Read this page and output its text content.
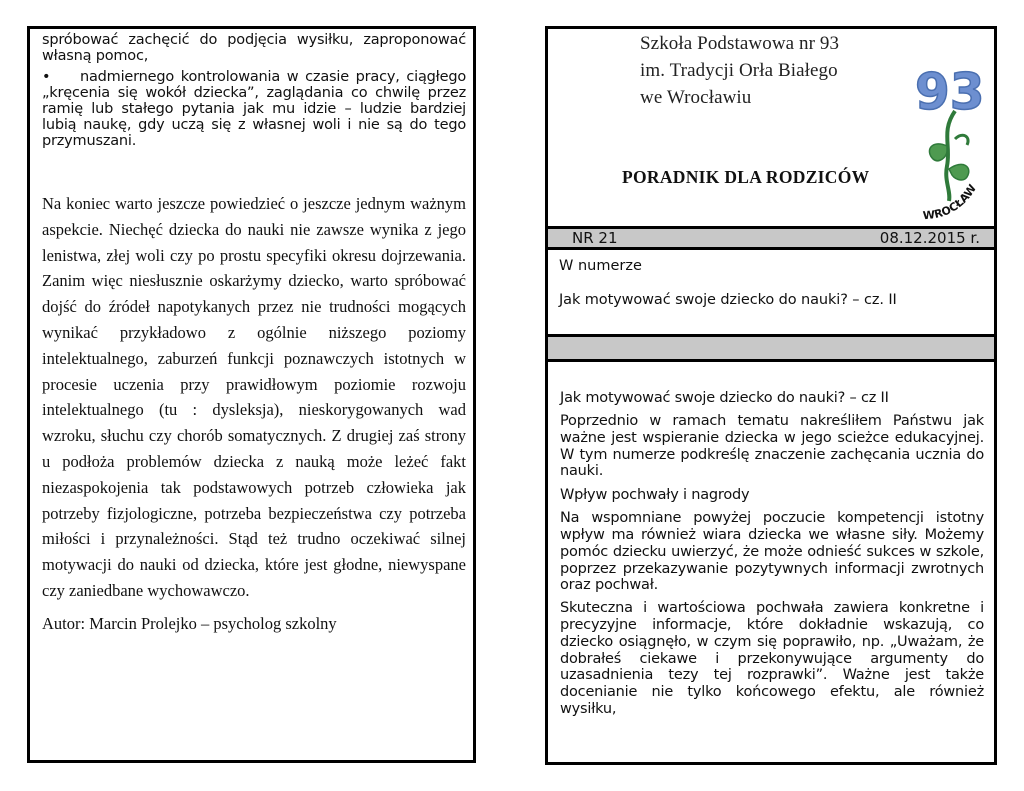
spróbować zachęcić do podjęcia wysiłku, zaproponować własną pomoc,

• nadmiernego kontrolowania w czasie pracy, ciągłego „kręcenia się wokół dziecka”, zaglądania co chwilę przez ramię lub stałego pytania jak mu idzie – ludzie bardziej lubią naukę, gdy uczą się z własnej woli i nie są do tego przymuszani.

Na koniec warto jeszcze powiedzieć o jeszcze jednym ważnym aspekcie. Niechęć dziecka do nauki nie zawsze wynika z jego lenistwa, złej woli czy po prostu specyfiki okresu dojrzewania. Zanim więc niesłusznie oskarżymy dziecko, warto spróbować dojść do źródeł napotykanych przez nie trudności mogących wynikać przykładowo z ogólnie niższego poziomy intelektualnego, zaburzeń funkcji poznawczych istotnych w procesie uczenia przy prawidłowym poziomie rozwoju intelektualnego (tu : dysleksja), nieskorygowanych wad wzroku, słuchu czy chorób somatycznych. Z drugiej zaś strony u podłoża problemów dziecka z nauką może leżeć fakt niezaspokojenia tak podstawowych potrzeb człowieka jak potrzeby fizjologiczne, potrzeba bezpieczeństwa czy potrzeba miłości i przynależności. Stąd też trudno oczekiwać silnej motywacji do nauki od dziecka, które jest głodne, niewyspane czy zaniedbane wychowawczo.

Autor: Marcin Prolejko – psycholog szkolny

Szkoła Podstawowa nr 93
im. Tradycji Orła Białego
we Wrocławiu
PORADNIK DLA RODZICÓW
93
WROCŁAW
NR 21	08.12.2015 r.
W numerze
Jak motywować swoje dziecko do nauki? – cz. II
Jak motywować swoje dziecko do nauki? – cz II

Poprzednio w ramach tematu nakreśliłem Państwu jak ważne jest wspieranie dziecka w jego scieżce edukacyjnej. W tym numerze podkreślę znaczenie zachęcania ucznia do nauki.

Wpływ pochwały i nagrody

Na wspomniane powyżej poczucie kompetencji istotny wpływ ma również wiara dziecka we własne siły. Możemy pomóc dziecku uwierzyć, że może odnieść sukces w szkole, poprzez przekazywanie pozytywnych informacji zwrotnych oraz pochwał.

Skuteczna i wartościowa pochwała zawiera konkretne i precyzyjne informacje, które dokładnie wskazują, co dziecko osiągnęło, w czym się poprawiło, np. „Uważam, że dobrałeś ciekawe i przekonywujące argumenty do uzasadnienia tezy tej rozprawki”. Ważne jest także docenianie nie tylko końcowego efektu, ale również wysiłku,
